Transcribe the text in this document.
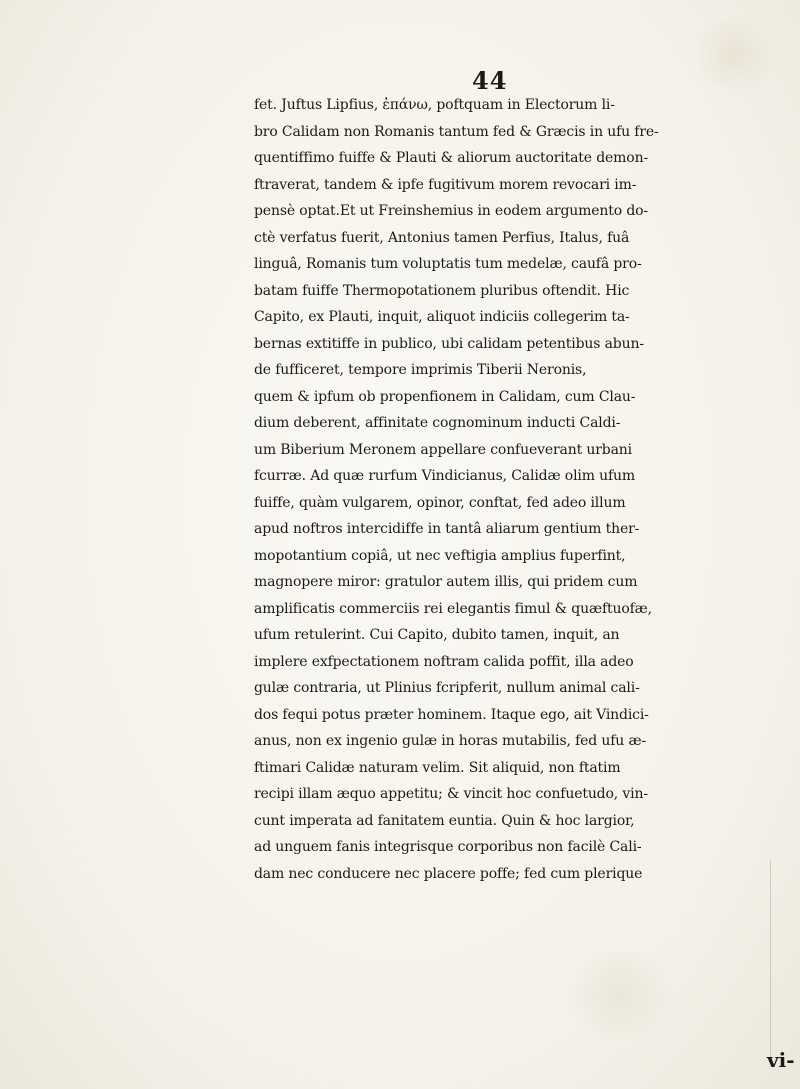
44
fet. Juftus Lipfius, ἐπάνω, poftquam in Electorum li-
bro Calidam non Romanis tantum fed & Græcis in ufu fre-
quentiffimo fuiffe & Plauti & aliorum auctoritate demon-
ftraverat, tandem & ipfe fugitivum morem revocari im-
pensè optat.Et ut Freinshemius in eodem argumento do-
ctè verfatus fuerit, Antonius tamen Perfius, Italus, fuâ
linguâ, Romanis tum voluptatis tum medelæ, caufâ pro-
batam fuiffe Thermopotationem pluribus oftendit. Hic
Capito, ex Plauti, inquit, aliquot indiciis collegerim ta-
bernas extitiffe in publico, ubi calidam petentibus abun-
de fufficeret, tempore imprimis Tiberii Neronis,
quem & ipfum ob propenfionem in Calidam, cum Clau-
dium deberent, affinitate cognominum inducti Caldi-
um Biberium Meronem appellare confueverant urbani
fcurræ. Ad quæ rurfum Vindicianus, Calidæ olim ufum
fuiffe, quàm vulgarem, opinor, conftat, fed adeo illum
apud noftros intercidiffe in tantâ aliarum gentium ther-
mopotantium copiâ, ut nec veftigia amplius fuperfint,
magnopere miror: gratulor autem illis, qui pridem cum
amplificatis commerciis rei elegantis fimul & quæftuofæ,
ufum retulerint. Cui Capito, dubito tamen, inquit, an
implere exfpectationem noftram calida poffit, illa adeo
gulæ contraria, ut Plinius fcripferit, nullum animal cali-
dos fequi potus præter hominem. Itaque ego, ait Vindici-
anus, non ex ingenio gulæ in horas mutabilis, fed ufu æ-
ftimari Calidæ naturam velim. Sit aliquid, non ftatim
recipi illam æquo appetitu; & vincit hoc confuetudo, vin-
cunt imperata ad fanitatem euntia. Quin & hoc largior,
ad unguem fanis integrisque corporibus non facilè Cali-
dam nec conducere nec placere poffe; fed cum plerique
vi-
